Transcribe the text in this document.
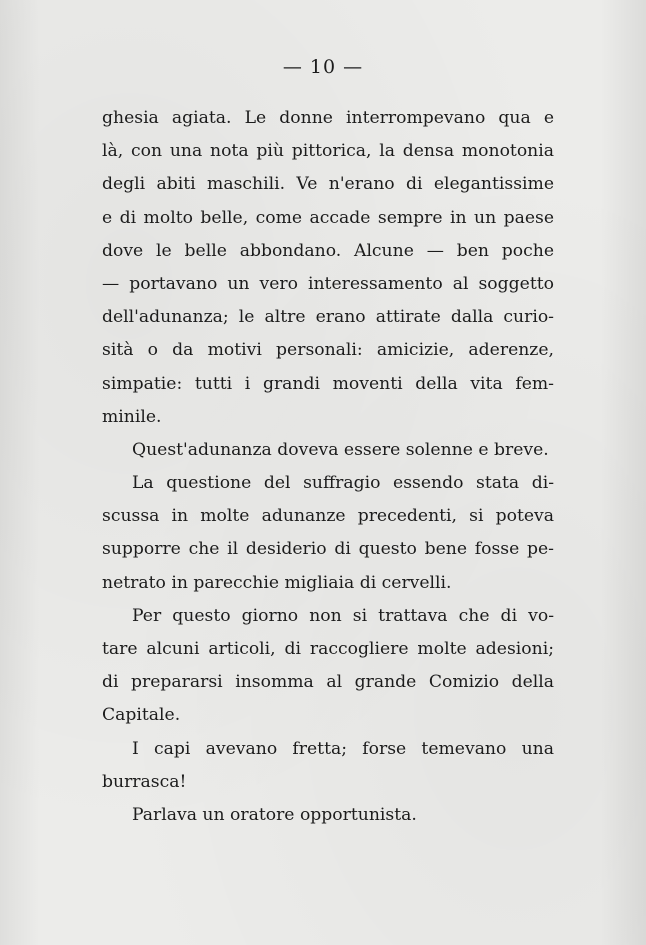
— 10 —
ghesia agiata. Le donne interrompevano qua e
là, con una nota più pittorica, la densa monotonia
degli abiti maschili. Ve n'erano di elegantissime
e di molto belle, come accade sempre in un paese
dove le belle abbondano. Alcune — ben poche
— portavano un vero interessamento al soggetto
dell'adunanza; le altre erano attirate dalla curio-
sità o da motivi personali: amicizie, aderenze,
simpatie: tutti i grandi moventi della vita fem-
minile.
Quest'adunanza doveva essere solenne e breve.
La questione del suffragio essendo stata di-
scussa in molte adunanze precedenti, si poteva
supporre che il desiderio di questo bene fosse pe-
netrato in parecchie migliaia di cervelli.
Per questo giorno non si trattava che di vo-
tare alcuni articoli, di raccogliere molte adesioni;
di prepararsi insomma al grande Comizio della
Capitale.
I capi avevano fretta; forse temevano una
burrasca!
Parlava un oratore opportunista.
